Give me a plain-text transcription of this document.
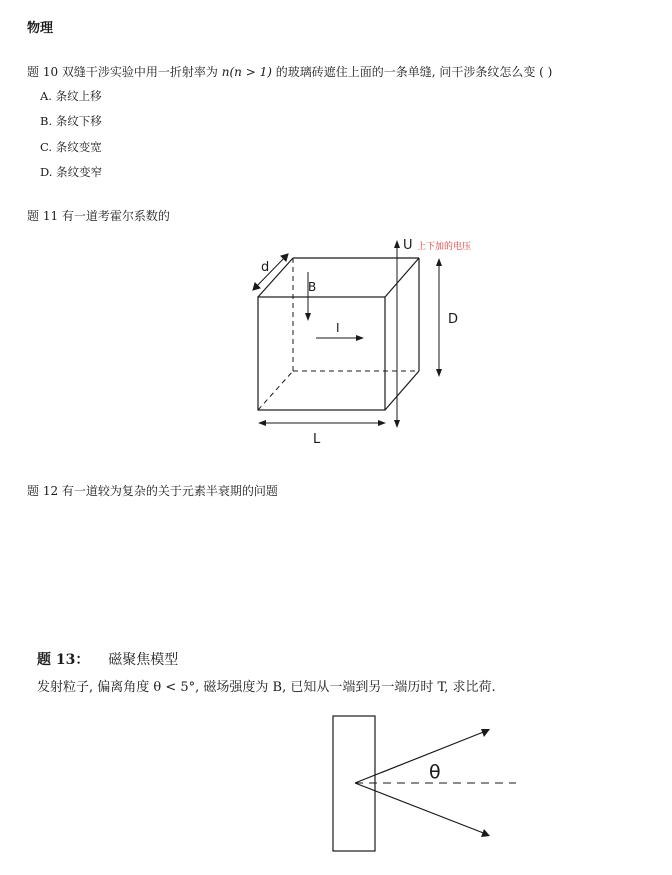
物理
题 10 双缝干涉实验中用一折射率为 n(n > 1) 的玻璃砖遮住上面的一条单缝, 问干涉条纹怎么变 ( )
A. 条纹上移
B. 条纹下移
C. 条纹变宽
D. 条纹变窄
题 11 有一道考霍尔系数的
d
B
I
U 上下加的电压
D
L
θ
题 12 有一道较为复杂的关于元素半衰期的问题
题 13： 磁聚焦模型
发射粒子, 偏离角度 θ < 5°, 磁场强度为 B, 已知从一端到另一端历时 T, 求比荷.
